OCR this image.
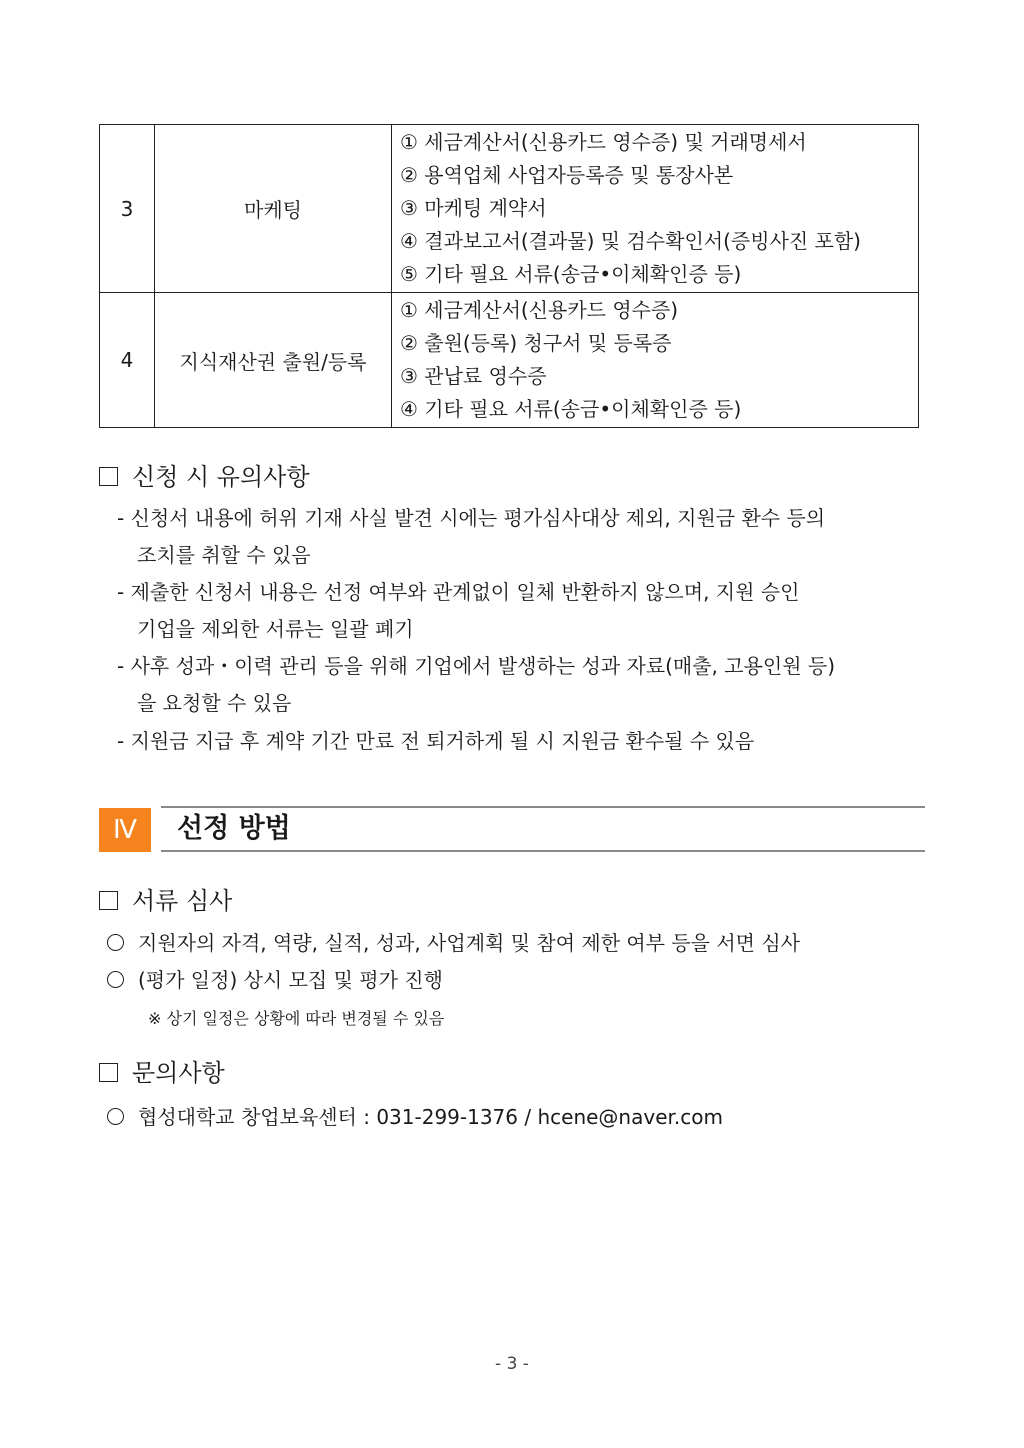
3	마케팅	① 세금계산서(신용카드 영수증) 및 거래명세서
② 용역업체 사업자등록증 및 통장사본
③ 마케팅 계약서
④ 결과보고서(결과물) 및 검수확인서(증빙사진 포함)
⑤ 기타 필요 서류(송금•이체확인증 등)

4	지식재산권 출원/등록	① 세금계산서(신용카드 영수증)
② 출원(등록) 청구서 및 등록증
③ 관납료 영수증
④ 기타 필요 서류(송금•이체확인증 등)
신청 시 유의사항
- 신청서 내용에 허위 기재 사실 발견 시에는 평가심사대상 제외, 지원금 환수 등의
조치를 취할 수 있음
- 제출한 신청서 내용은 선정 여부와 관계없이 일체 반환하지 않으며, 지원 승인
기업을 제외한 서류는 일괄 폐기
- 사후 성과・이력 관리 등을 위해 기업에서 발생하는 성과 자료(매출, 고용인원 등)
을 요청할 수 있음
- 지원금 지급 후 계약 기간 만료 전 퇴거하게 될 시 지원금 환수될 수 있음
Ⅳ	선정 방법
서류 심사
지원자의 자격, 역량, 실적, 성과, 사업계획 및 참여 제한 여부 등을 서면 심사
(평가 일정) 상시 모집 및 평가 진행
※ 상기 일정은 상황에 따라 변경될 수 있음
문의사항
협성대학교 창업보육센터 : 031-299-1376 / hcene@naver.com
- 3 -
